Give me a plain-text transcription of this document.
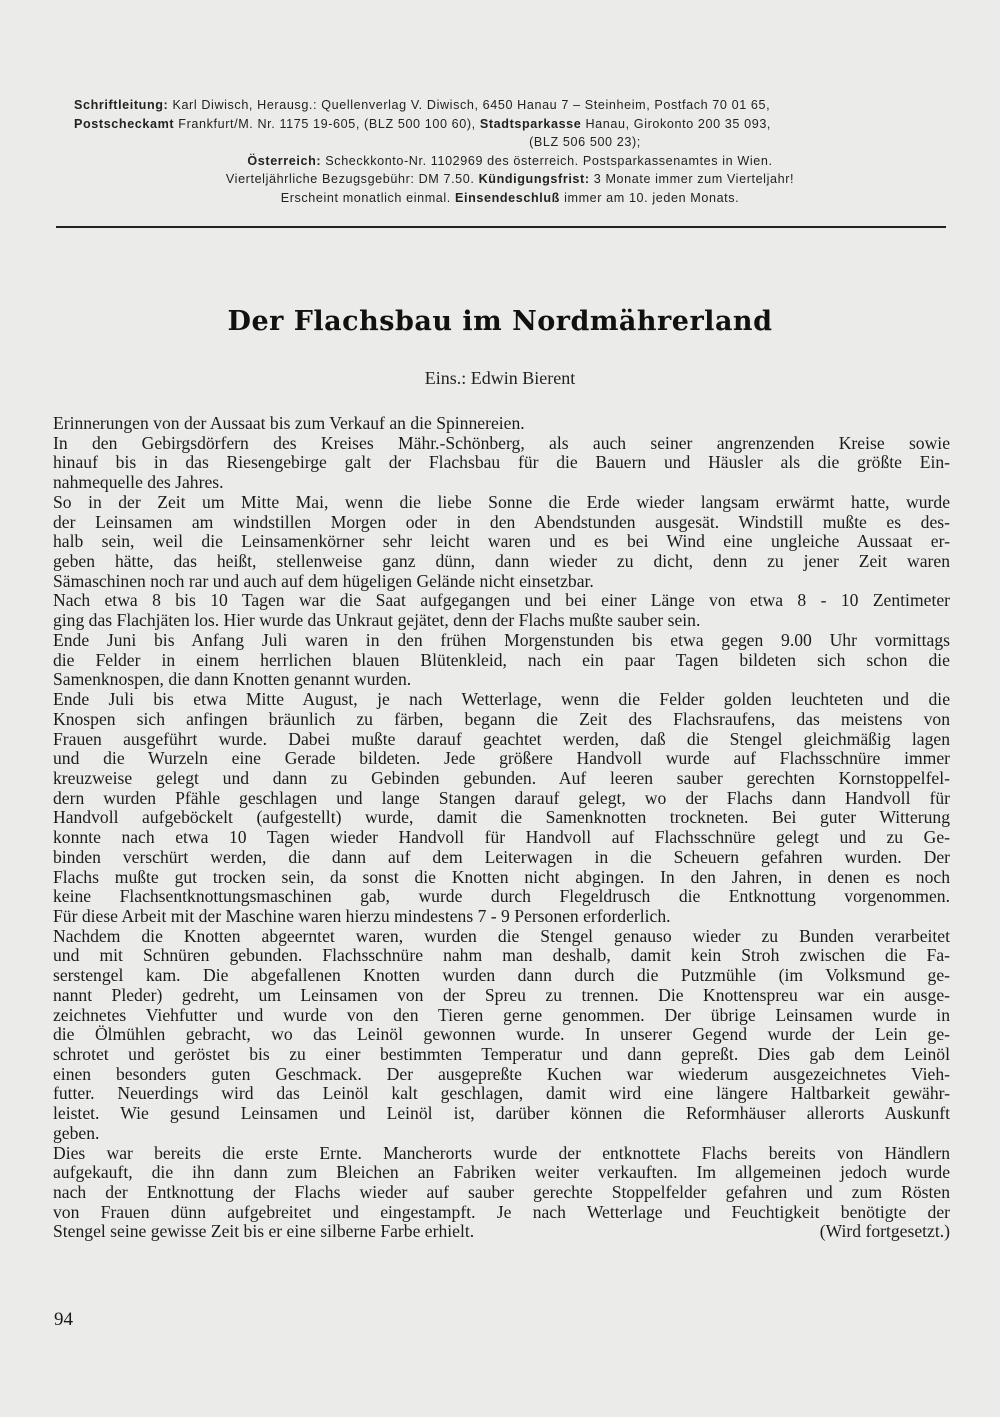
Schriftleitung: Karl Diwisch, Herausg.: Quellenverlag V. Diwisch, 6450 Hanau 7 – Steinheim, Postfach 70 01 65,
Postscheckamt Frankfurt/M. Nr. 1175 19-605, (BLZ 500 100 60), Stadtsparkasse Hanau, Girokonto 200 35 093,
(BLZ 506 500 23);
Österreich: Scheckkonto-Nr. 1102969 des österreich. Postsparkassenamtes in Wien.
Vierteljährliche Bezugsgebühr: DM 7.50. Kündigungsfrist: 3 Monate immer zum Vierteljahr!
Erscheint monatlich einmal. Einsendeschluß immer am 10. jeden Monats.
Der Flachsbau im Nordmährerland
Eins.: Edwin Bierent
Erinnerungen von der Aussaat bis zum Verkauf an die Spinnereien.
In den Gebirgsdörfern des Kreises Mähr.-Schönberg, als auch seiner angrenzenden Kreise sowie
hinauf bis in das Riesengebirge galt der Flachsbau für die Bauern und Häusler als die größte Ein-
nahmequelle des Jahres.
So in der Zeit um Mitte Mai, wenn die liebe Sonne die Erde wieder langsam erwärmt hatte, wurde
der Leinsamen am windstillen Morgen oder in den Abendstunden ausgesät. Windstill mußte es des-
halb sein, weil die Leinsamenkörner sehr leicht waren und es bei Wind eine ungleiche Aussaat er-
geben hätte, das heißt, stellenweise ganz dünn, dann wieder zu dicht, denn zu jener Zeit waren
Sämaschinen noch rar und auch auf dem hügeligen Gelände nicht einsetzbar.
Nach etwa 8 bis 10 Tagen war die Saat aufgegangen und bei einer Länge von etwa 8 - 10 Zentimeter
ging das Flachjäten los. Hier wurde das Unkraut gejätet, denn der Flachs mußte sauber sein.
Ende Juni bis Anfang Juli waren in den frühen Morgenstunden bis etwa gegen 9.00 Uhr vormittags
die Felder in einem herrlichen blauen Blütenkleid, nach ein paar Tagen bildeten sich schon die
Samenknospen, die dann Knotten genannt wurden.
Ende Juli bis etwa Mitte August, je nach Wetterlage, wenn die Felder golden leuchteten und die
Knospen sich anfingen bräunlich zu färben, begann die Zeit des Flachsraufens, das meistens von
Frauen ausgeführt wurde. Dabei mußte darauf geachtet werden, daß die Stengel gleichmäßig lagen
und die Wurzeln eine Gerade bildeten. Jede größere Handvoll wurde auf Flachsschnüre immer
kreuzweise gelegt und dann zu Gebinden gebunden. Auf leeren sauber gerechten Kornstoppelfel-
dern wurden Pfähle geschlagen und lange Stangen darauf gelegt, wo der Flachs dann Handvoll für
Handvoll aufgeböckelt (aufgestellt) wurde, damit die Samenknotten trockneten. Bei guter Witterung
konnte nach etwa 10 Tagen wieder Handvoll für Handvoll auf Flachsschnüre gelegt und zu Ge-
binden verschürt werden, die dann auf dem Leiterwagen in die Scheuern gefahren wurden. Der
Flachs mußte gut trocken sein, da sonst die Knotten nicht abgingen. In den Jahren, in denen es noch
keine Flachsentknottungsmaschinen gab, wurde durch Flegeldrusch die Entknottung vorgenommen.
Für diese Arbeit mit der Maschine waren hierzu mindestens 7 - 9 Personen erforderlich.
Nachdem die Knotten abgeerntet waren, wurden die Stengel genauso wieder zu Bunden verarbeitet
und mit Schnüren gebunden. Flachsschnüre nahm man deshalb, damit kein Stroh zwischen die Fa-
serstengel kam. Die abgefallenen Knotten wurden dann durch die Putzmühle (im Volksmund ge-
nannt Pleder) gedreht, um Leinsamen von der Spreu zu trennen. Die Knottenspreu war ein ausge-
zeichnetes Viehfutter und wurde von den Tieren gerne genommen. Der übrige Leinsamen wurde in
die Ölmühlen gebracht, wo das Leinöl gewonnen wurde. In unserer Gegend wurde der Lein ge-
schrotet und geröstet bis zu einer bestimmten Temperatur und dann gepreßt. Dies gab dem Leinöl
einen besonders guten Geschmack. Der ausgepreßte Kuchen war wiederum ausgezeichnetes Vieh-
futter. Neuerdings wird das Leinöl kalt geschlagen, damit wird eine längere Haltbarkeit gewähr-
leistet. Wie gesund Leinsamen und Leinöl ist, darüber können die Reformhäuser allerorts Auskunft
geben.
Dies war bereits die erste Ernte. Mancherorts wurde der entknottete Flachs bereits von Händlern
aufgekauft, die ihn dann zum Bleichen an Fabriken weiter verkauften. Im allgemeinen jedoch wurde
nach der Entknottung der Flachs wieder auf sauber gerechte Stoppelfelder gefahren und zum Rösten
von Frauen dünn aufgebreitet und eingestampft. Je nach Wetterlage und Feuchtigkeit benötigte der
Stengel seine gewisse Zeit bis er eine silberne Farbe erhielt.	(Wird fortgesetzt.)
94
